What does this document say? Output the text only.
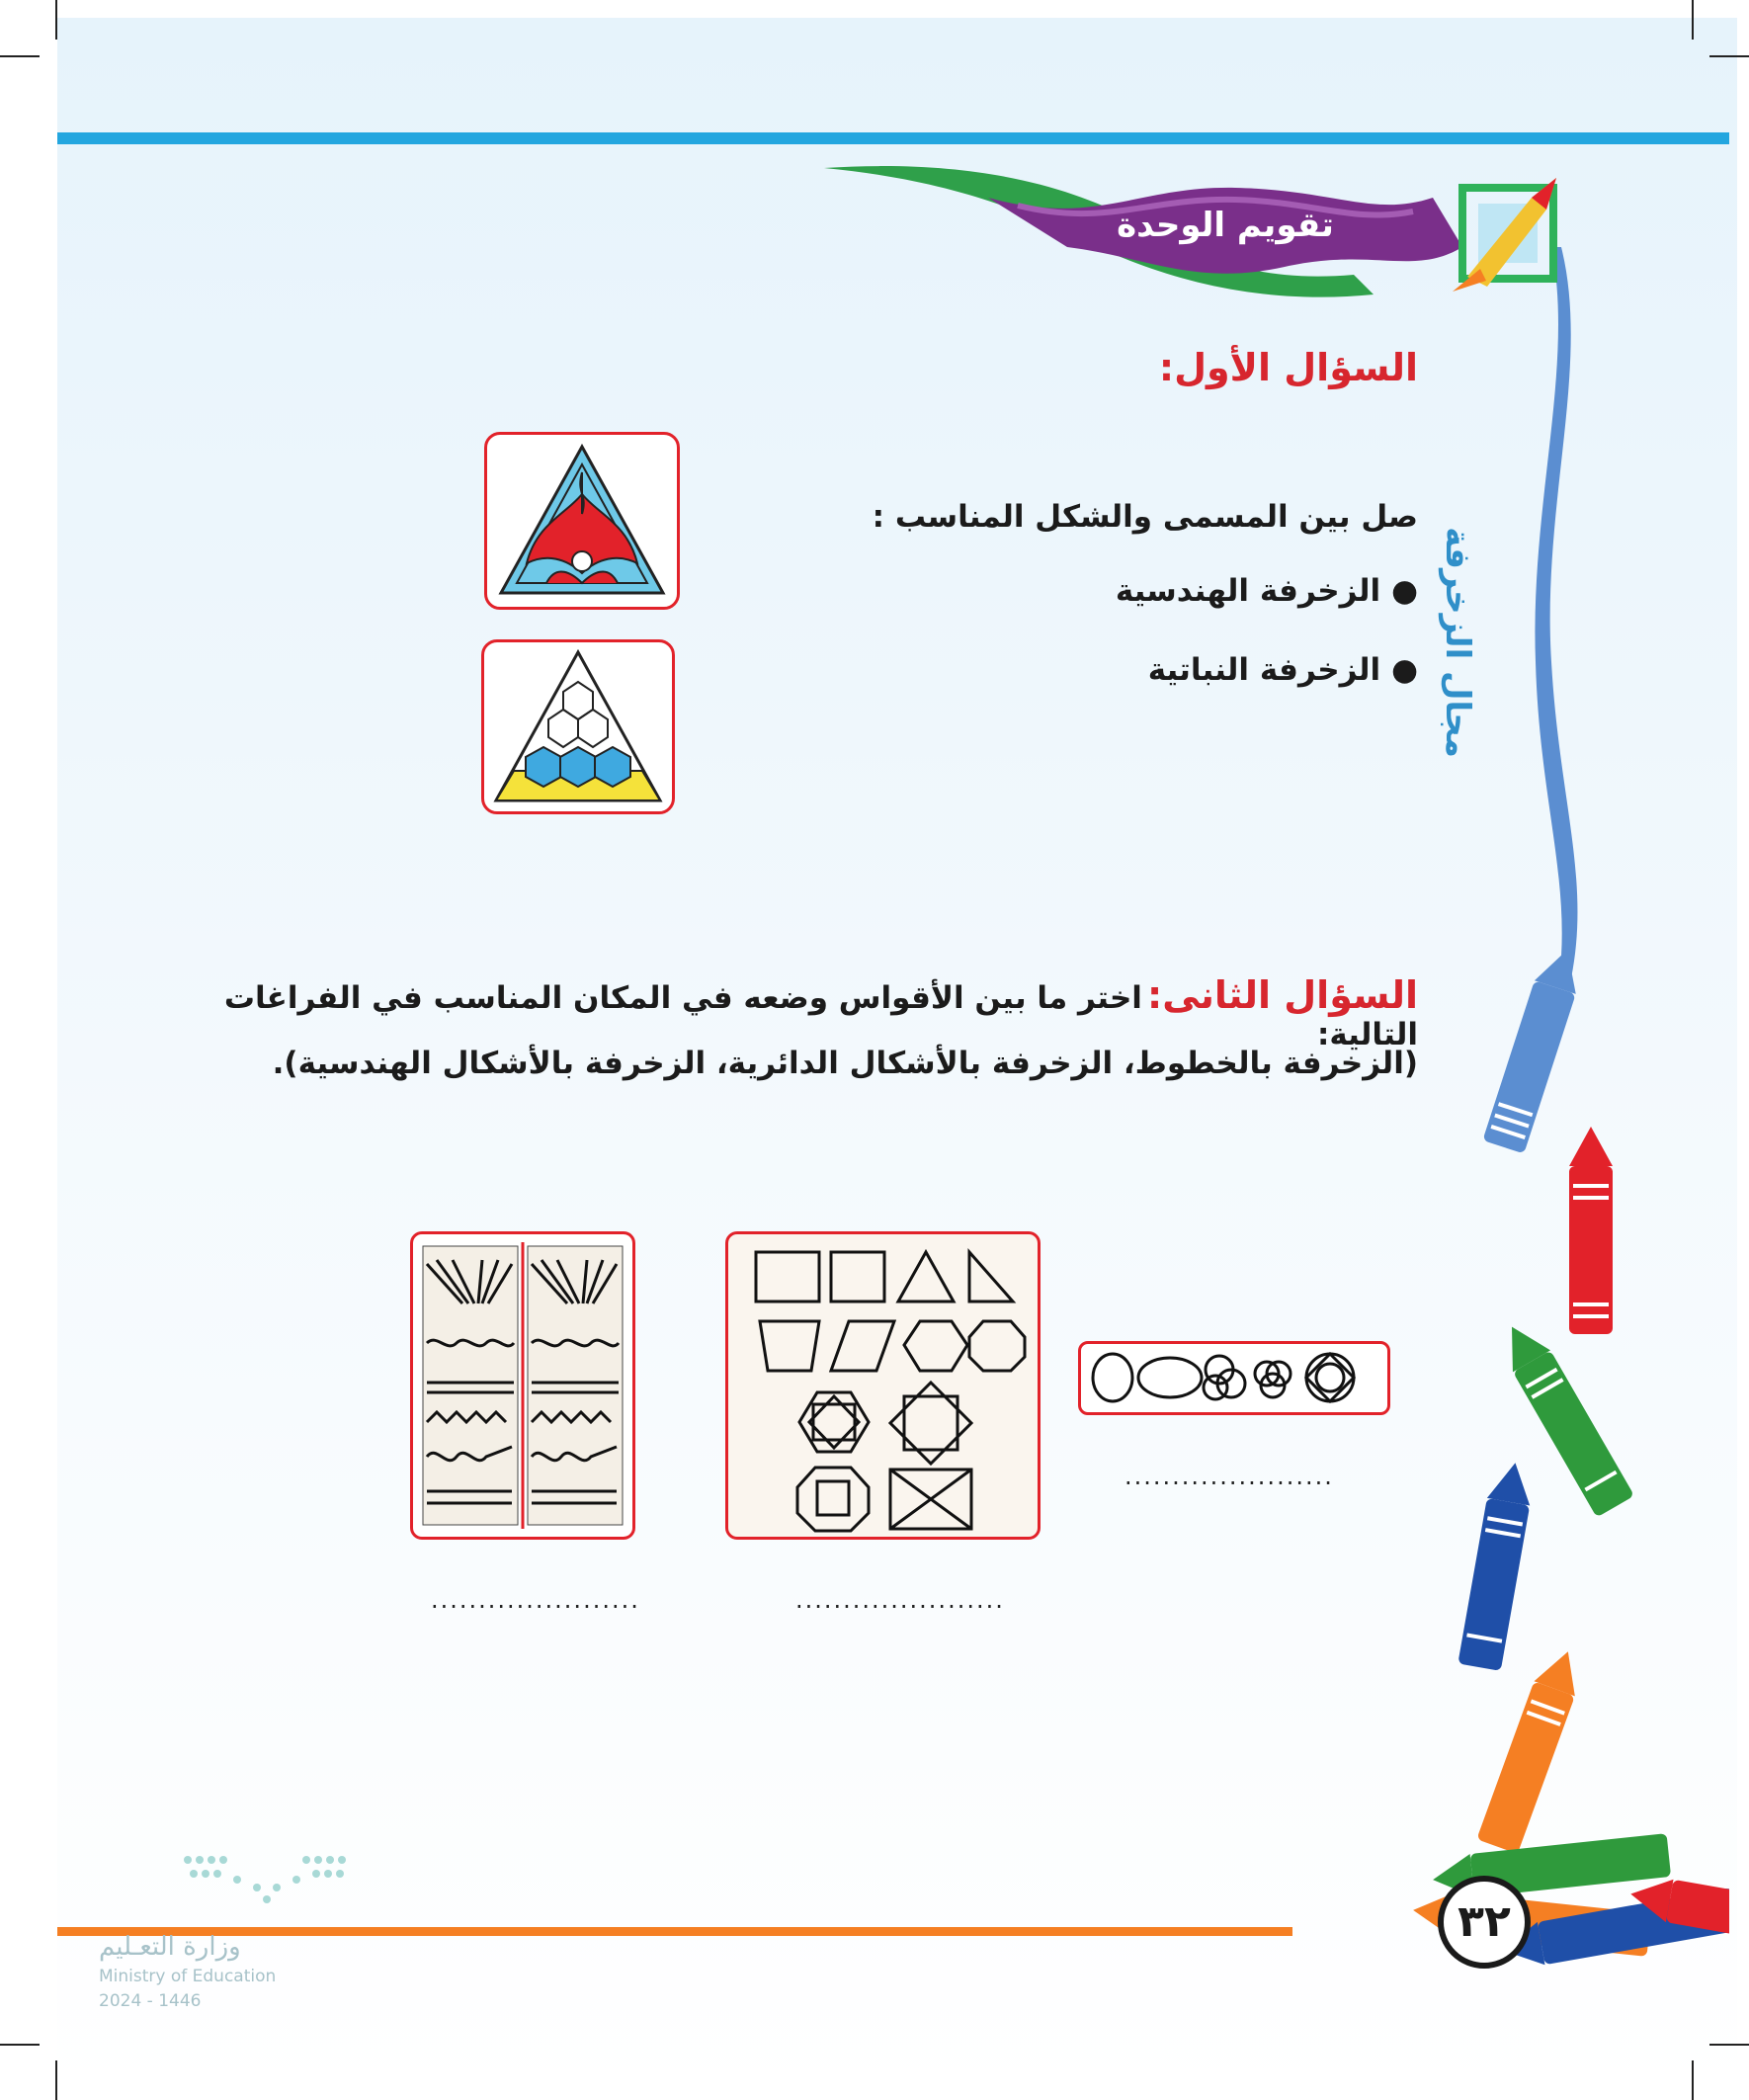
تقويم الوحدة
مجال الزخرفة
السؤال الأول:
صل بين المسمى والشكل المناسب :
● الزخرفة الهندسية
● الزخرفة النباتية
السؤال الثانى: اختر ما بين الأقواس وضعه في المكان المناسب في الفراغات التالية:
(الزخرفة بالخطوط، الزخرفة بالأشكال الدائرية، الزخرفة بالأشكال الهندسية).
......................
......................
......................
٣٢
وزارة التعـليم
Ministry of Education
2024 - 1446
